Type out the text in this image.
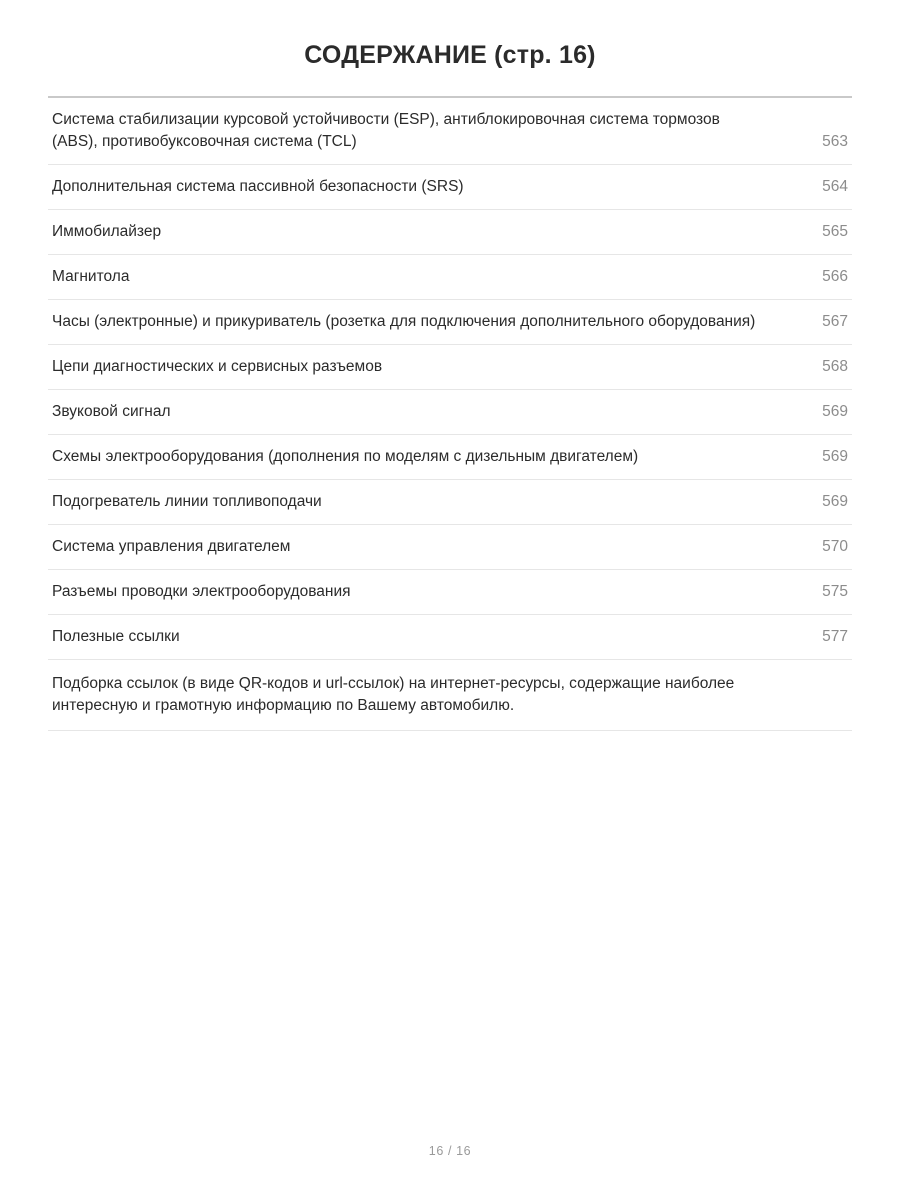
СОДЕРЖАНИЕ (стр. 16)
Система стабилизации курсовой устойчивости (ESP), антиблокировочная система тормозов (ABS), противобуксовочная система (TCL)	563
Дополнительная система пассивной безопасности (SRS)	564
Иммобилайзер	565
Магнитола	566
Часы (электронные) и прикуриватель (розетка для подключения дополнительного оборудования)	567
Цепи диагностических и сервисных разъемов	568
Звуковой сигнал	569
Схемы электрооборудования (дополнения по моделям с дизельным двигателем)	569
Подогреватель линии топливоподачи	569
Система управления двигателем	570
Разъемы проводки электрооборудования	575
Полезные ссылки	577
Подборка ссылок (в виде QR-кодов и url-ссылок) на интернет-ресурсы, содержащие наиболее интересную и грамотную информацию по Вашему автомобилю.	
16 / 16
